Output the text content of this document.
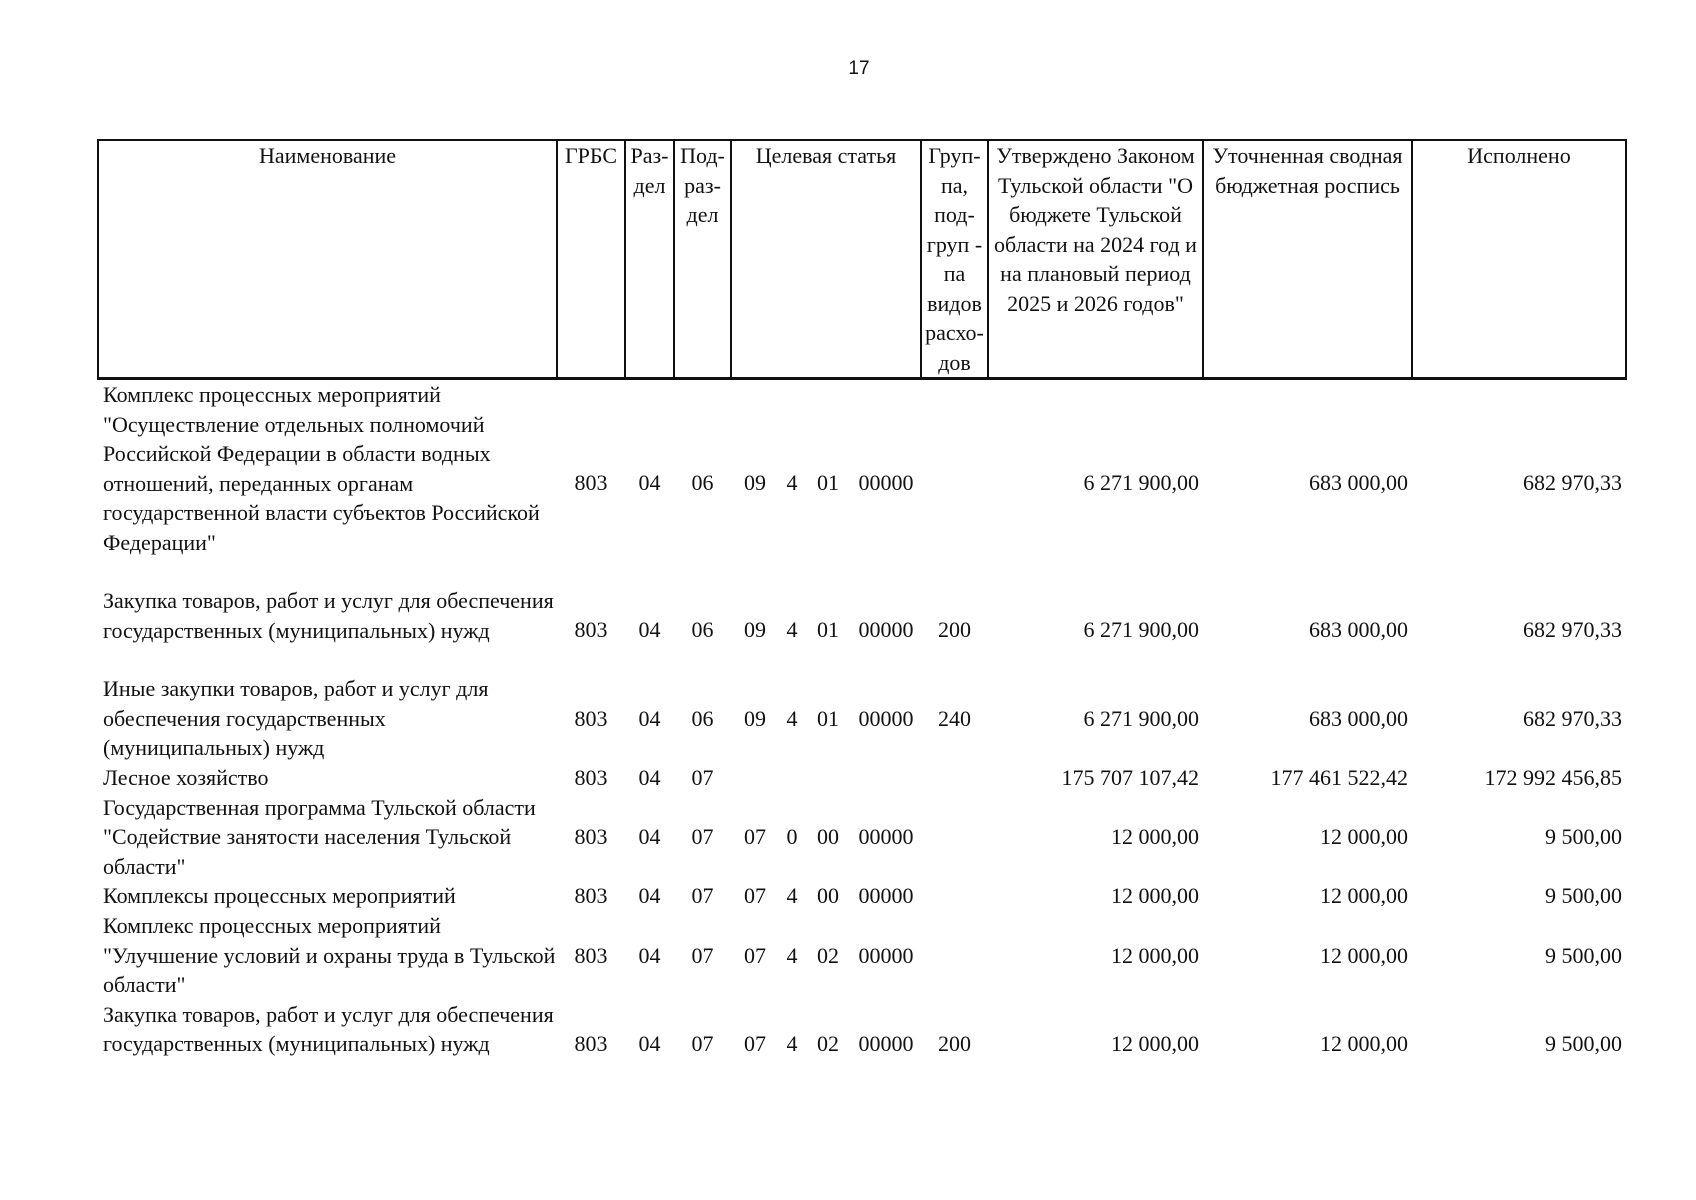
17
Наименование	ГРБС	Раз-дел	Под-раз-дел	Целевая статья	Груп-па, под-груп - па видов расхо-дов	Утверждено Законом Тульской области "О бюджете Тульской области на 2024 год и на плановый период 2025 и 2026 годов"	Уточненная сводная бюджетная роспись	Исполнено
Комплекс процессных мероприятий "Осуществление отдельных полномочий Российской Федерации в области водных отношений, переданных органам государственной власти субъектов Российской Федерации"	803	04	06	09 4 01 00000		6 271 900,00	683 000,00	682 970,33
Закупка товаров, работ и услуг для обеспечения государственных (муниципальных) нужд	803	04	06	09 4 01 00000	200	6 271 900,00	683 000,00	682 970,33
Иные закупки товаров, работ и услуг для обеспечения государственных (муниципальных) нужд	803	04	06	09 4 01 00000	240	6 271 900,00	683 000,00	682 970,33
Лесное хозяйство	803	04	07			175 707 107,42	177 461 522,42	172 992 456,85
Государственная программа Тульской области "Содействие занятости населения Тульской области"	803	04	07	07 0 00 00000		12 000,00	12 000,00	9 500,00
Комплексы процессных мероприятий	803	04	07	07 4 00 00000		12 000,00	12 000,00	9 500,00
Комплекс процессных мероприятий "Улучшение условий и охраны труда в Тульской области"	803	04	07	07 4 02 00000		12 000,00	12 000,00	9 500,00
Закупка товаров, работ и услуг для обеспечения государственных (муниципальных) нужд	803	04	07	07 4 02 00000	200	12 000,00	12 000,00	9 500,00
